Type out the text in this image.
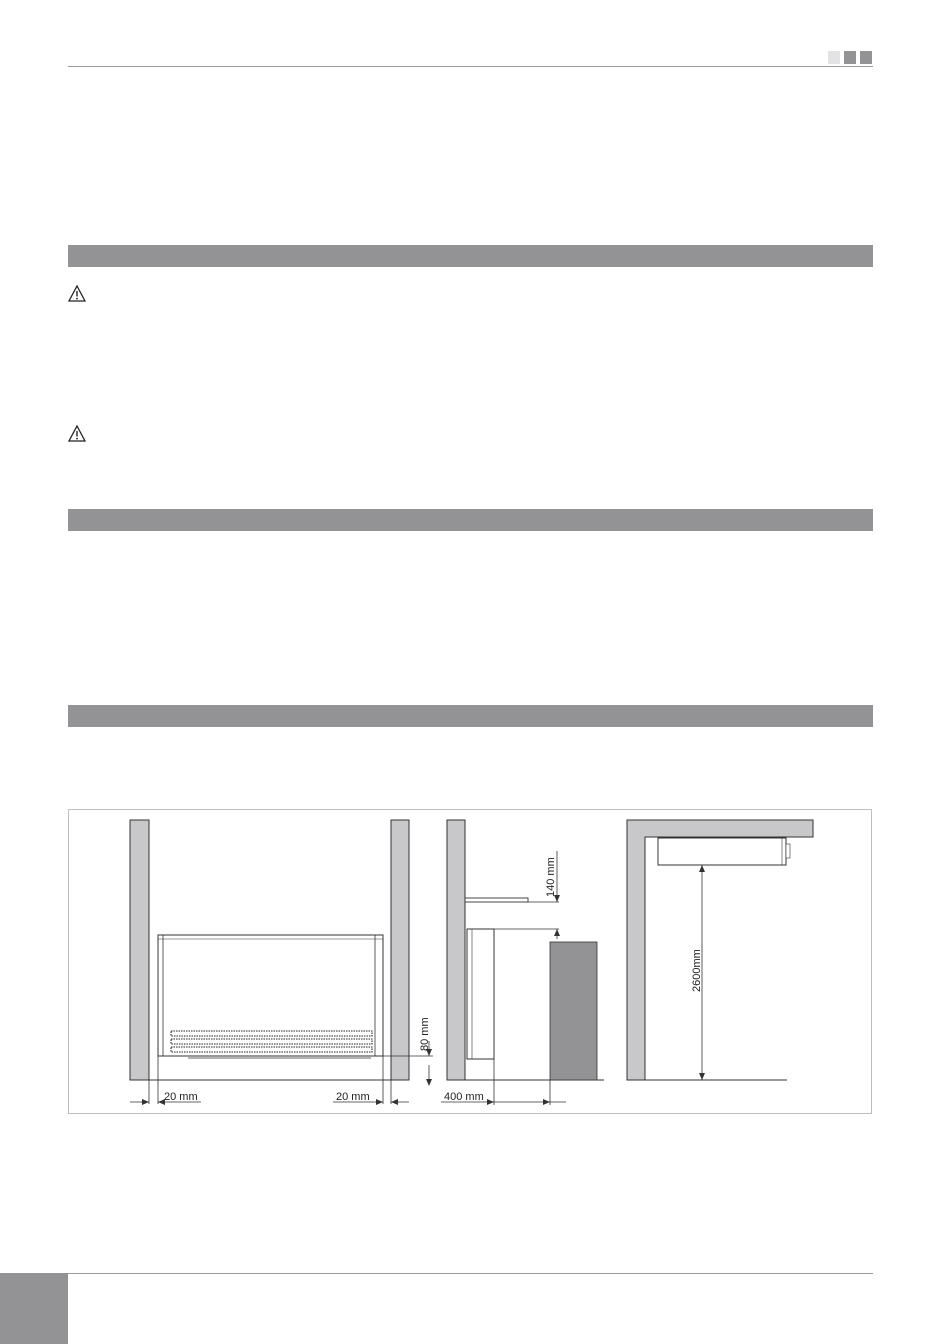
80 mm
20 mm	20 mm
140 mm
400 mm
2600mm
